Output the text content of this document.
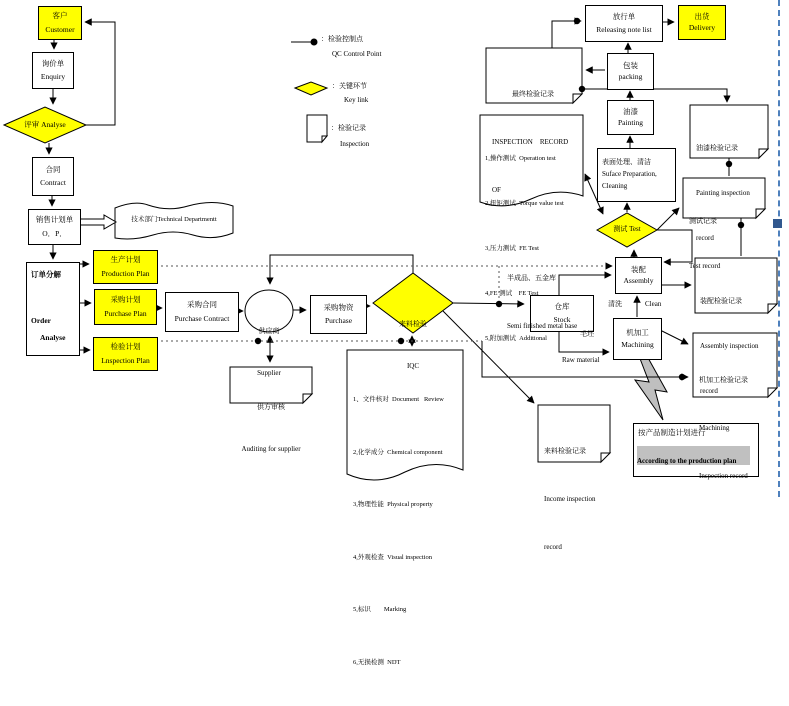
客户
Customer
询价单
Enquiry
合同
Contract
销售计划单
O．P．
订单分解
Order
Analyse
生产计划
Production Plan
采购计划
Purchase Plan
检验计划
Lnspection Plan
采购合同
Purchase Contract
采购物资
Purchase
仓库
Stock
装配
Assembly
机加工
Machining
表面处理、清洁
Suface Preparation,
Cleaning
油漆
Painting
包装
packing
放行单
Releasing note list
出货
Delivery
按产品制造计划进行
According to the production plan
评审 Analyse

来料检验

IQC

测试 Test

供应商

Supplier

技术部门Technical Departmentt

供方审核

Auditing for supplier

1、文件核对  Document   Review

2,化学成分  Chemical component

3,物理性能  Physical property

4,外观检查  Visual inspection

5,标识        Marking

6,无损检测  NDT

1,操作测试  Operation test

2,扭矩测试  Torque value test

3,压力测试  FE Test

4,FE 测试    FE Test

5,附加测试  Additional

最终检验记录

INSPECTION    RECORD

OF

油漆检验记录

Painting inspection

record

测试记录

Test record

装配检验记录

Assembly inspection

record

机加工检验记录

Machining

Inspection record

来料检验记录

Income inspection

record

半成品、五金库

Semi finished metal base

清洗	Clean
毛坯
Raw material
：检验控制点
QC Control Point
：关键环节
Key link
：检验记录
Inspection
